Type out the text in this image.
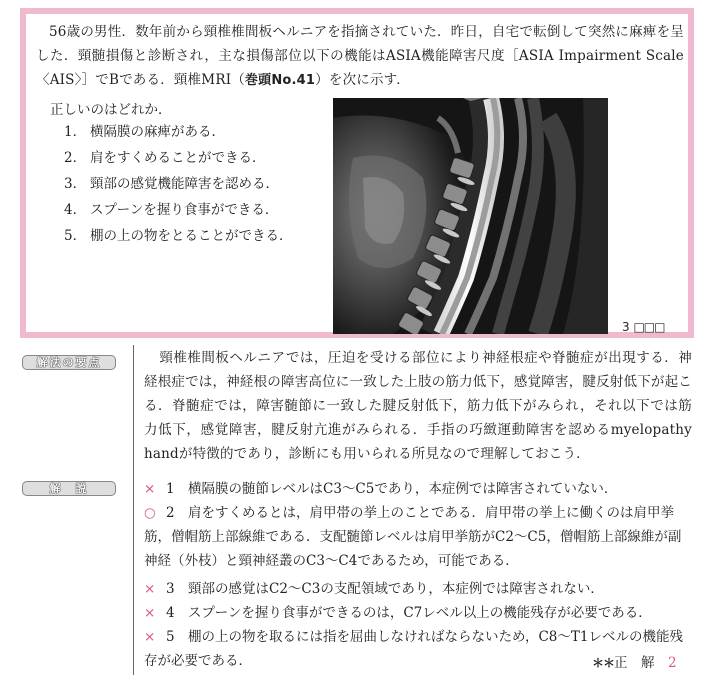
56歳の男性．数年前から頸椎椎間板ヘルニアを指摘されていた．昨日，自宅で転倒して突然に麻痺を呈した．頸髄損傷と診断され，主な損傷部位以下の機能はASIA機能障害尺度［ASIA Impairment Scale〈AIS〉］でBである．頸椎MRI（巻頭No.41）を次に示す．
正しいのはどれか．
1． 横隔膜の麻痺がある．
2． 肩をすくめることができる．
3． 頸部の感覚機能障害を認める．
4． スプーンを握り食事ができる．
5． 棚の上の物をとることができる．
3 □□□
解法の要点
解　説
頸椎椎間板ヘルニアでは，圧迫を受ける部位により神経根症や脊髄症が出現する．神経根症では，神経根の障害高位に一致した上肢の筋力低下，感覚障害，腱反射低下が起こる．脊髄症では，障害髄節に一致した腱反射低下，筋力低下がみられ，それ以下では筋力低下，感覚障害，腱反射亢進がみられる．手指の巧緻運動障害を認めるmyelopathy handが特徴的であり，診断にも用いられる所見なので理解しておこう．
× 1 横隔膜の髄節レベルはC3～C5であり，本症例では障害されていない．
○ 2 肩をすくめるとは，肩甲帯の挙上のことである．肩甲帯の挙上に働くのは肩甲挙筋，僧帽筋上部線維である．支配髄節レベルは肩甲挙筋がC2～C5，僧帽筋上部線維が副神経（外枝）と頸神経叢のC3～C4であるため，可能である．
× 3 頸部の感覚はC2～C3の支配領域であり，本症例では障害されない．
× 4 スプーンを握り食事ができるのは，C7レベル以上の機能残存が必要である．
× 5 棚の上の物を取るには指を屈曲しなければならないため，C8～T1レベルの機能残存が必要である．	＊＊正　解　 2
